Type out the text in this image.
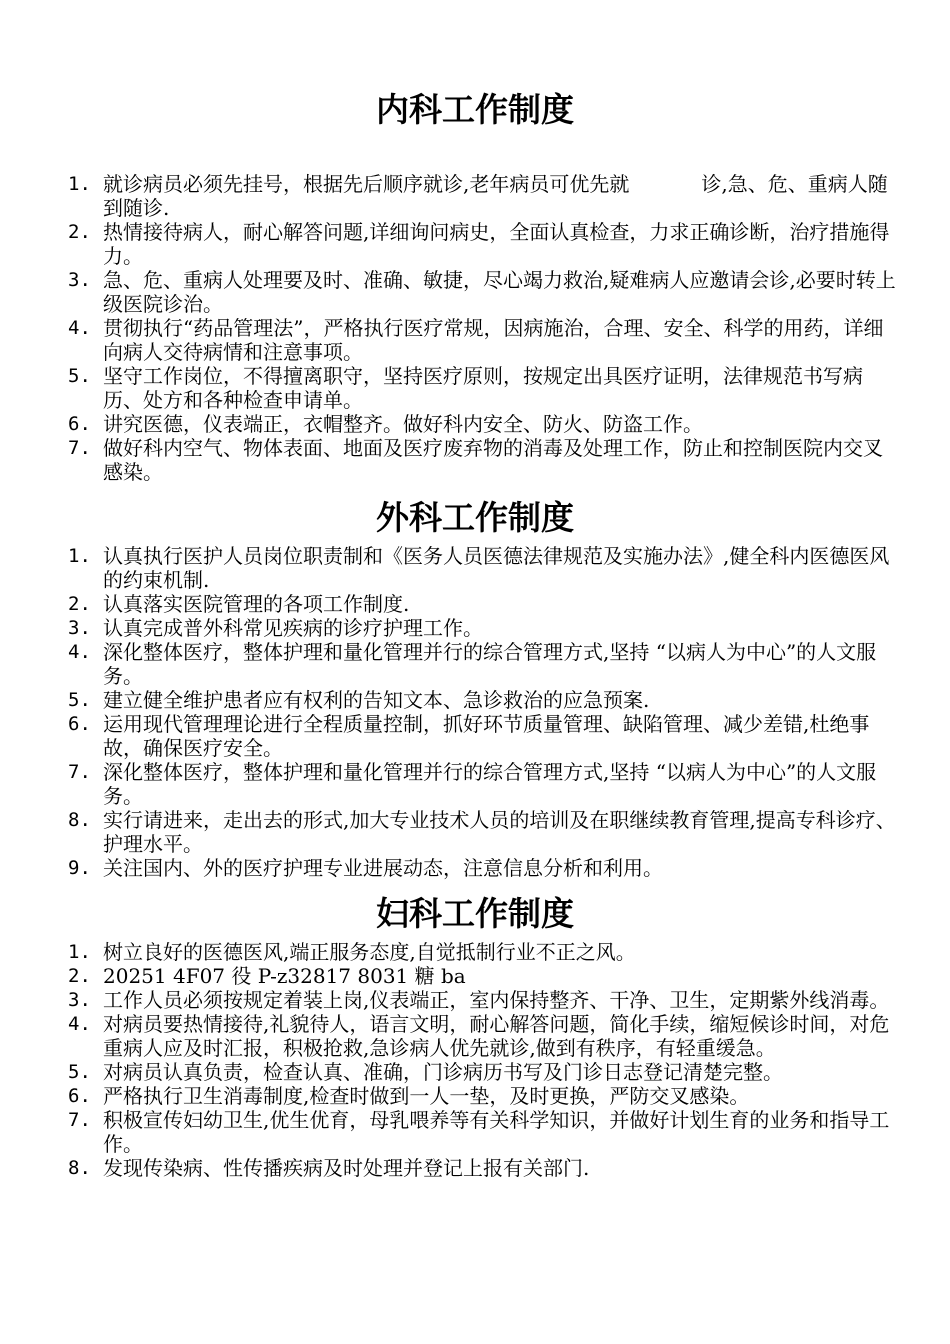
内科工作制度
1. 就诊病员必须先挂号，根据先后顺序就诊,老年病员可优先就	诊,急、危、重病人随到随诊.
2. 热情接待病人，耐心解答问题,详细询问病史，全面认真检查，力求正确诊断，治疗措施得力。
3. 急、危、重病人处理要及时、准确、敏捷，尽心竭力救治,疑难病人应邀请会诊,必要时转上级医院诊治。
4. 贯彻执行“药品管理法”，严格执行医疗常规，因病施治，合理、安全、科学的用药，详细向病人交待病情和注意事项。
5. 坚守工作岗位，不得擅离职守，坚持医疗原则，按规定出具医疗证明，法律规范书写病历、处方和各种检查申请单。
6. 讲究医德，仪表端正，衣帽整齐。做好科内安全、防火、防盗工作。
7. 做好科内空气、物体表面、地面及医疗废弃物的消毒及处理工作，防止和控制医院内交叉感染。
外科工作制度
1. 认真执行医护人员岗位职责制和《医务人员医德法律规范及实施办法》,健全科内医德医风的约束机制.
2. 认真落实医院管理的各项工作制度.
3. 认真完成普外科常见疾病的诊疗护理工作。
4. 深化整体医疗，整体护理和量化管理并行的综合管理方式,坚持 “以病人为中心”的人文服务。
5. 建立健全维护患者应有权利的告知文本、急诊救治的应急预案.
6. 运用现代管理理论进行全程质量控制，抓好环节质量管理、缺陷管理、减少差错,杜绝事故，确保医疗安全。
7. 深化整体医疗，整体护理和量化管理并行的综合管理方式,坚持 “以病人为中心”的人文服务。
8. 实行请进来，走出去的形式,加大专业技术人员的培训及在职继续教育管理,提高专科诊疗、护理水平。
9. 关注国内、外的医疗护理专业进展动态，注意信息分析和利用。
妇科工作制度
1. 树立良好的医德医风,端正服务态度,自觉抵制行业不正之风。
2. 20251 4F07 役 P-z32817 8031 糖 ba
3. 工作人员必须按规定着装上岗,仪表端正，室内保持整齐、干净、卫生，定期紫外线消毒。
4. 对病员要热情接待,礼貌待人，语言文明，耐心解答问题，简化手续，缩短候诊时间，对危重病人应及时汇报，积极抢救,急诊病人优先就诊,做到有秩序，有轻重缓急。
5. 对病员认真负责，检查认真、准确，门诊病历书写及门诊日志登记清楚完整。
6. 严格执行卫生消毒制度,检查时做到一人一垫，及时更换，严防交叉感染。
7. 积极宣传妇幼卫生,优生优育，母乳喂养等有关科学知识，并做好计划生育的业务和指导工作。
8. 发现传染病、性传播疾病及时处理并登记上报有关部门.
